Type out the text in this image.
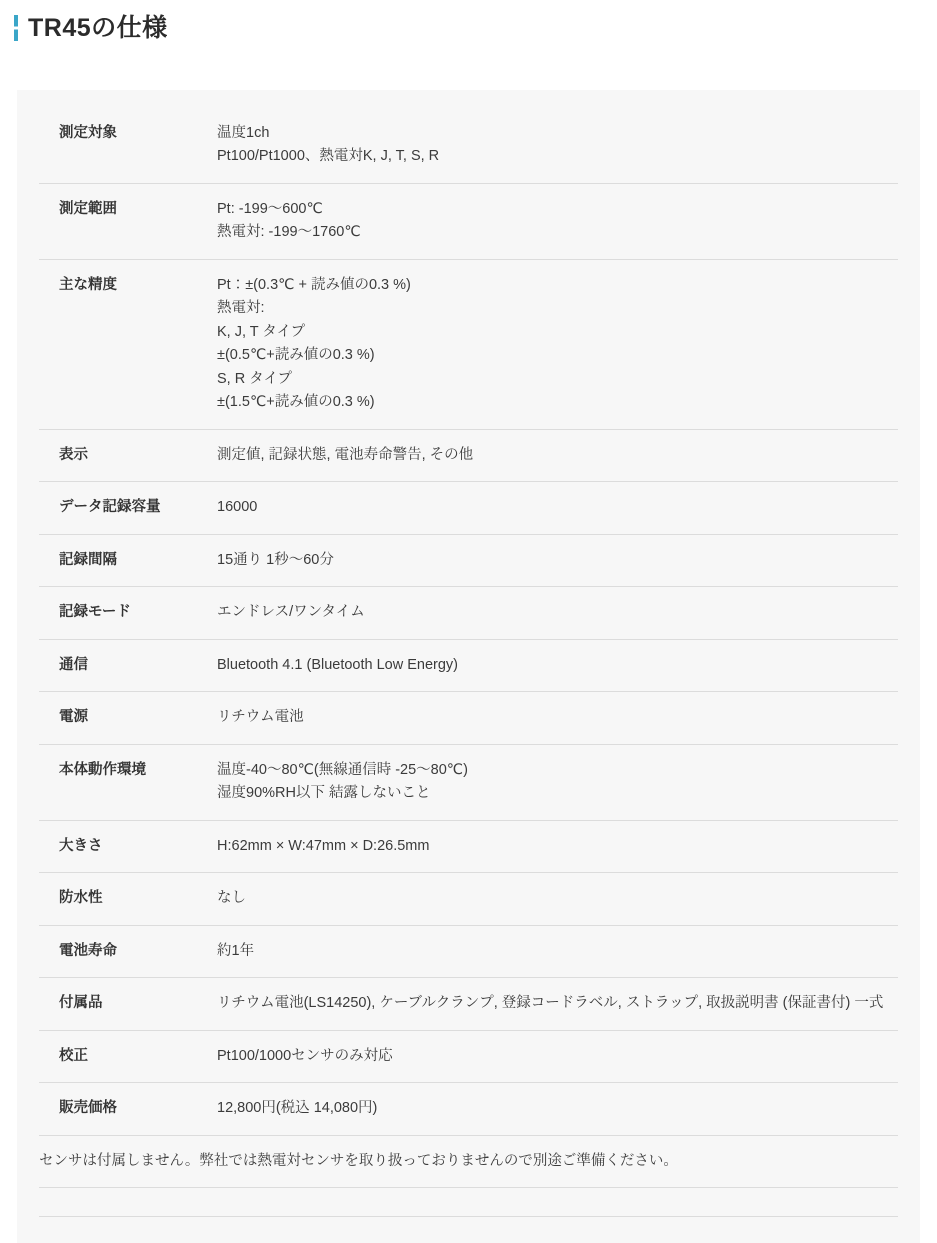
TR45の仕様
測定対象	温度1ch
Pt100/Pt1000、熱電対K, J, T, S, R

測定範囲	Pt: -199〜600℃
熱電対: -199〜1760℃

主な精度	Pt：±(0.3℃ + 読み値の0.3 %)
熱電対:
K, J, T タイプ
±(0.5℃+読み値の0.3 %)
S, R タイプ
±(1.5℃+読み値の0.3 %)

表示	測定値, 記録状態, 電池寿命警告, その他

データ記録容量	16000

記録間隔	15通り 1秒〜60分

記録モード	エンドレス/ワンタイム

通信	Bluetooth 4.1 (Bluetooth Low Energy)

電源	リチウム電池

本体動作環境	温度-40〜80℃(無線通信時 -25〜80℃)
湿度90%RH以下 結露しないこと

大きさ	H:62mm × W:47mm × D:26.5mm

防水性	なし

電池寿命	約1年

付属品	リチウム電池(LS14250), ケーブルクランプ, 登録コードラベル, ストラップ, 取扱説明書 (保証書付) 一式

校正	Pt100/1000センサのみ対応

販売価格	12,800円(税込 14,080円)

センサは付属しません。弊社では熱電対センサを取り扱っておりませんので別途ご準備ください。	
